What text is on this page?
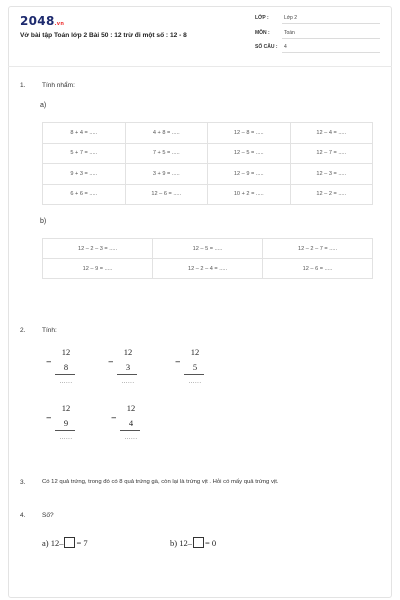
2048.vn
Vở bài tập Toán lớp 2 Bài 50 : 12 trừ đi một số : 12 - 8
LỚP :	Lớp 2
MÔN :	Toán
SỐ CÂU : 4
1.	Tính nhẩm:
a)
8 + 4 = .....	4 + 8 = .....	12 – 8 = .....	12 – 4 = .....
5 + 7 = .....	7 + 5 = .....	12 – 5 = .....	12 – 7 = .....
9 + 3 = .....	3 + 9 = .....	12 – 9 = .....	12 – 3 = .....
6 + 6 = .....	12 – 6 = .....	10 + 2 = .....	12 – 2 = .....
b)
12 – 2 – 3 = .....	12 – 5 = .....	12 – 2 – 7 = .....
12 – 9 = .....	12 – 2 – 4 = .....	12 – 6 = .....
2.	Tính:
–
12
8
......
–
12
3
......
–
12
5
......
–
12
9
......
–
12
4
......
3.	Có 12 quả trứng, trong đó có 8 quả trứng gà, còn lại là trứng vịt . Hỏi có mấy quả trứng vịt.
4.	Số?
a) 12– = 7	b) 12– = 0
